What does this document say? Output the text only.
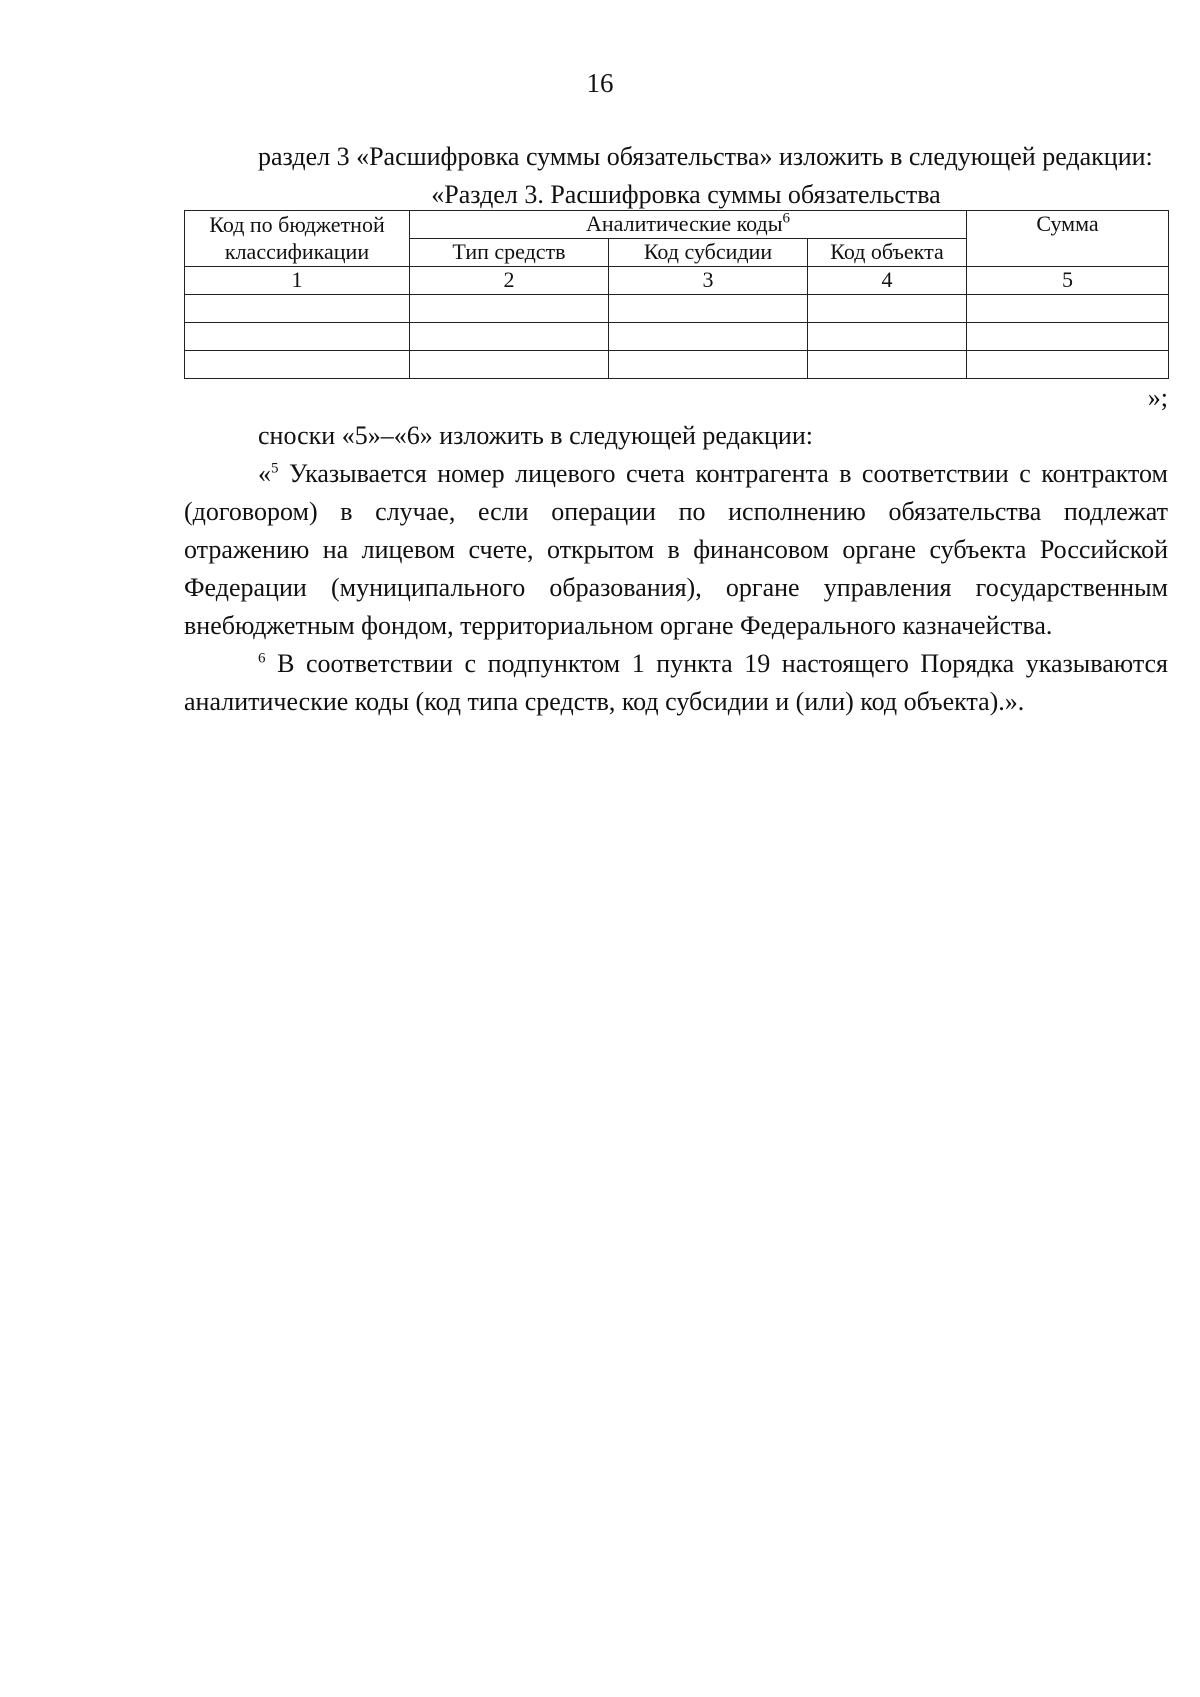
16

раздел 3 «Расшифровка суммы обязательства» изложить в следующей редакции:

«Раздел 3. Расшифровка суммы обязательства

Код по бюджетной классификации	Аналитические коды$^6$			Сумма
	Тип средств	Код субсидии	Код объекта	
1	2	3	4	5

»;

сноски «5»–«6» изложить в следующей редакции:

«$^5$ Указывается номер лицевого счета контрагента в соответствии с контрактом (договором) в случае, если операции по исполнению обязательства подлежат отражению на лицевом счете, открытом в финансовом органе субъекта Российской Федерации (муниципального образования), органе управления государственным внебюджетным фондом, территориальном органе Федерального казначейства.

$^6$ В соответствии с подпунктом 1 пункта 19 настоящего Порядка указываются аналитические коды (код типа средств, код субсидии и (или) код объекта).».
